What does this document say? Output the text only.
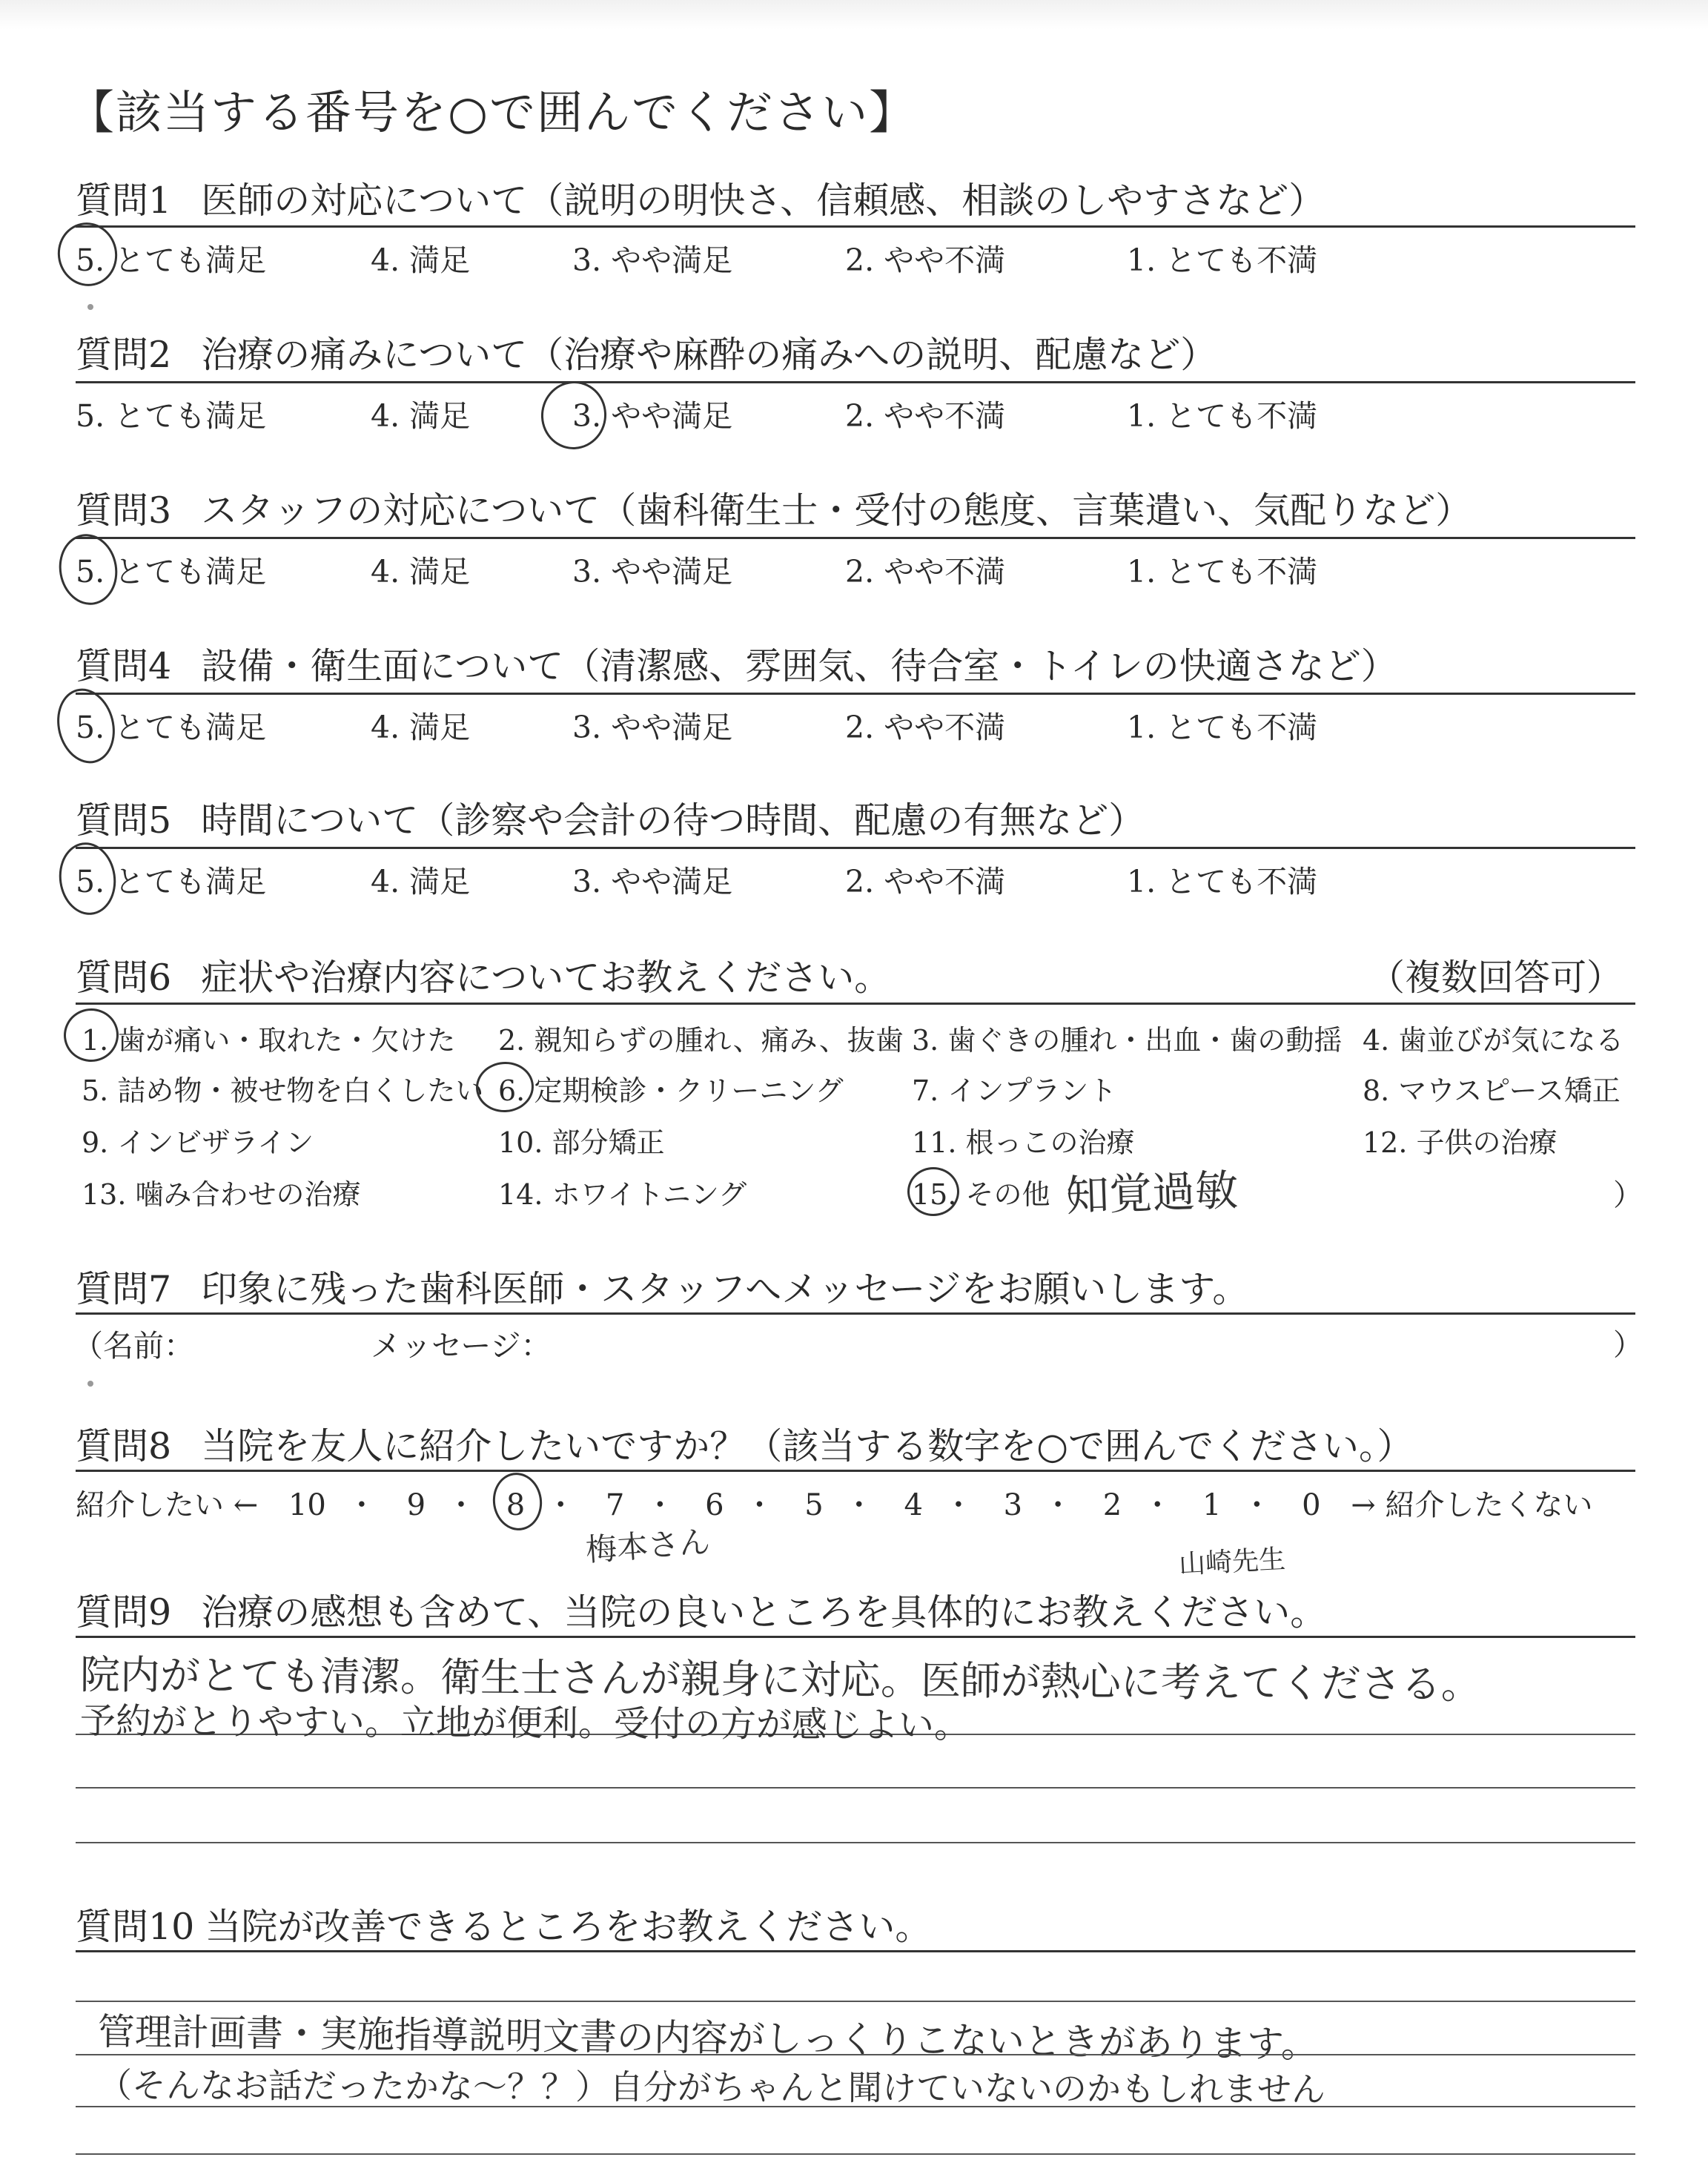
【該当する番号を○で囲んでください】
質問1 医師の対応について（説明の明快さ、信頼感、相談のしやすさなど）
5. とても満足	4. 満足	3. やや満足	2. やや不満	1. とても不満
質問2 治療の痛みについて（治療や麻酔の痛みへの説明、配慮など）
5. とても満足	4. 満足	3. やや満足	2. やや不満	1. とても不満
質問3 スタッフの対応について（歯科衛生士・受付の態度、言葉遣い、気配りなど）
5. とても満足	4. 満足	3. やや満足	2. やや不満	1. とても不満
質問4 設備・衛生面について（清潔感、雰囲気、待合室・トイレの快適さなど）
5. とても満足	4. 満足	3. やや満足	2. やや不満	1. とても不満
質問5 時間について（診察や会計の待つ時間、配慮の有無など）
5. とても満足	4. 満足	3. やや満足	2. やや不満	1. とても不満
質問6 症状や治療内容についてお教えください。	（複数回答可）
1. 歯が痛い・取れた・欠けた 2. 親知らずの腫れ、痛み、抜歯 3. 歯ぐきの腫れ・出血・歯の動揺 4. 歯並びが気になる
5. 詰め物・被せ物を白くしたい 6. 定期検診・クリーニング 7. インプラント	8. マウスピース矯正
9. インビザライン	10. 部分矯正	11. 根っこの治療	12. 子供の治療
13. 噛み合わせの治療	14. ホワイトニング	15. その他（
知覚過敏	）
質問7 印象に残った歯科医師・スタッフへメッセージをお願いします。
（名前：	メッセージ：	）
質問8 当院を友人に紹介したいですか？（該当する数字を○で囲んでください。）
紹介したい ← 10 ・ 9 ・ 8 ・ 7 ・ 6 ・ 5 ・ 4 ・ 3 ・ 2 ・ 1 ・ 0 → 紹介したくない
梅本さん	山崎先生
質問9 治療の感想も含めて、当院の良いところを具体的にお教えください。
院内がとても清潔。衛生士さんが親身に対応。医師が熱心に考えてくださる。
予約がとりやすい。立地が便利。受付の方が感じよい。
質問10 当院が改善できるところをお教えください。
管理計画書・実施指導説明文書の内容がしっくりこないときがあります。
（そんなお話だったかな〜？？）自分がちゃんと聞けていないのかもしれません
